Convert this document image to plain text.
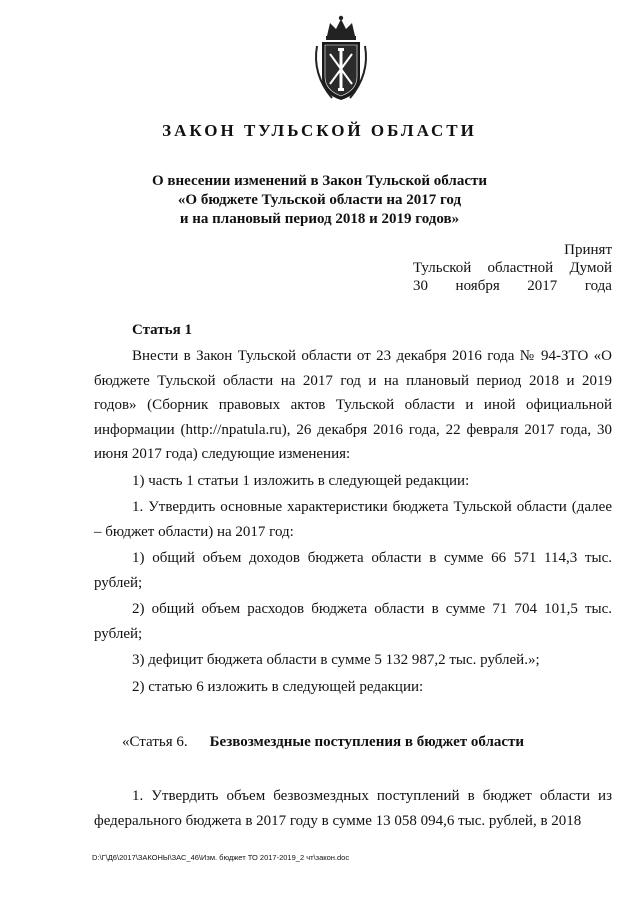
ЗАКОН ТУЛЬСКОЙ ОБЛАСТИ
О внесении изменений в Закон Тульской области
«О бюджете Тульской области на 2017 год
и на плановый период 2018 и 2019 годов»
Принят
Тульской областной Думой
30 ноября 2017 года
Статья 1

Внести в Закон Тульской области от 23 декабря 2016 года № 94-ЗТО «О бюджете Тульской области на 2017 год и на плановый период 2018 и 2019 годов» (Сборник правовых актов Тульской области и иной официальной информации (http://npatula.ru), 26 декабря 2016 года, 22 февраля 2017 года, 30 июня 2017 года) следующие изменения:

1) часть 1 статьи 1 изложить в следующей редакции:

1. Утвердить основные характеристики бюджета Тульской области (далее – бюджет области) на 2017 год:

1) общий объем доходов бюджета области в сумме 66 571 114,3 тыс. рублей;

2) общий объем расходов бюджета области в сумме 71 704 101,5 тыс. рублей;

3) дефицит бюджета области в сумме 5 132 987,2 тыс. рублей.»;

2) статью 6 изложить в следующей редакции:

«Статья 6. Безвозмездные поступления в бюджет области

1. Утвердить объем безвозмездных поступлений в бюджет области из федерального бюджета в 2017 году в сумме 13 058 094,6 тыс. рублей, в 2018

D:\Г\Д6\2017\ЗАКОНЫ\ЗАС_46\Изм. бюджет ТО 2017-2019_2 чт\закон.doc
